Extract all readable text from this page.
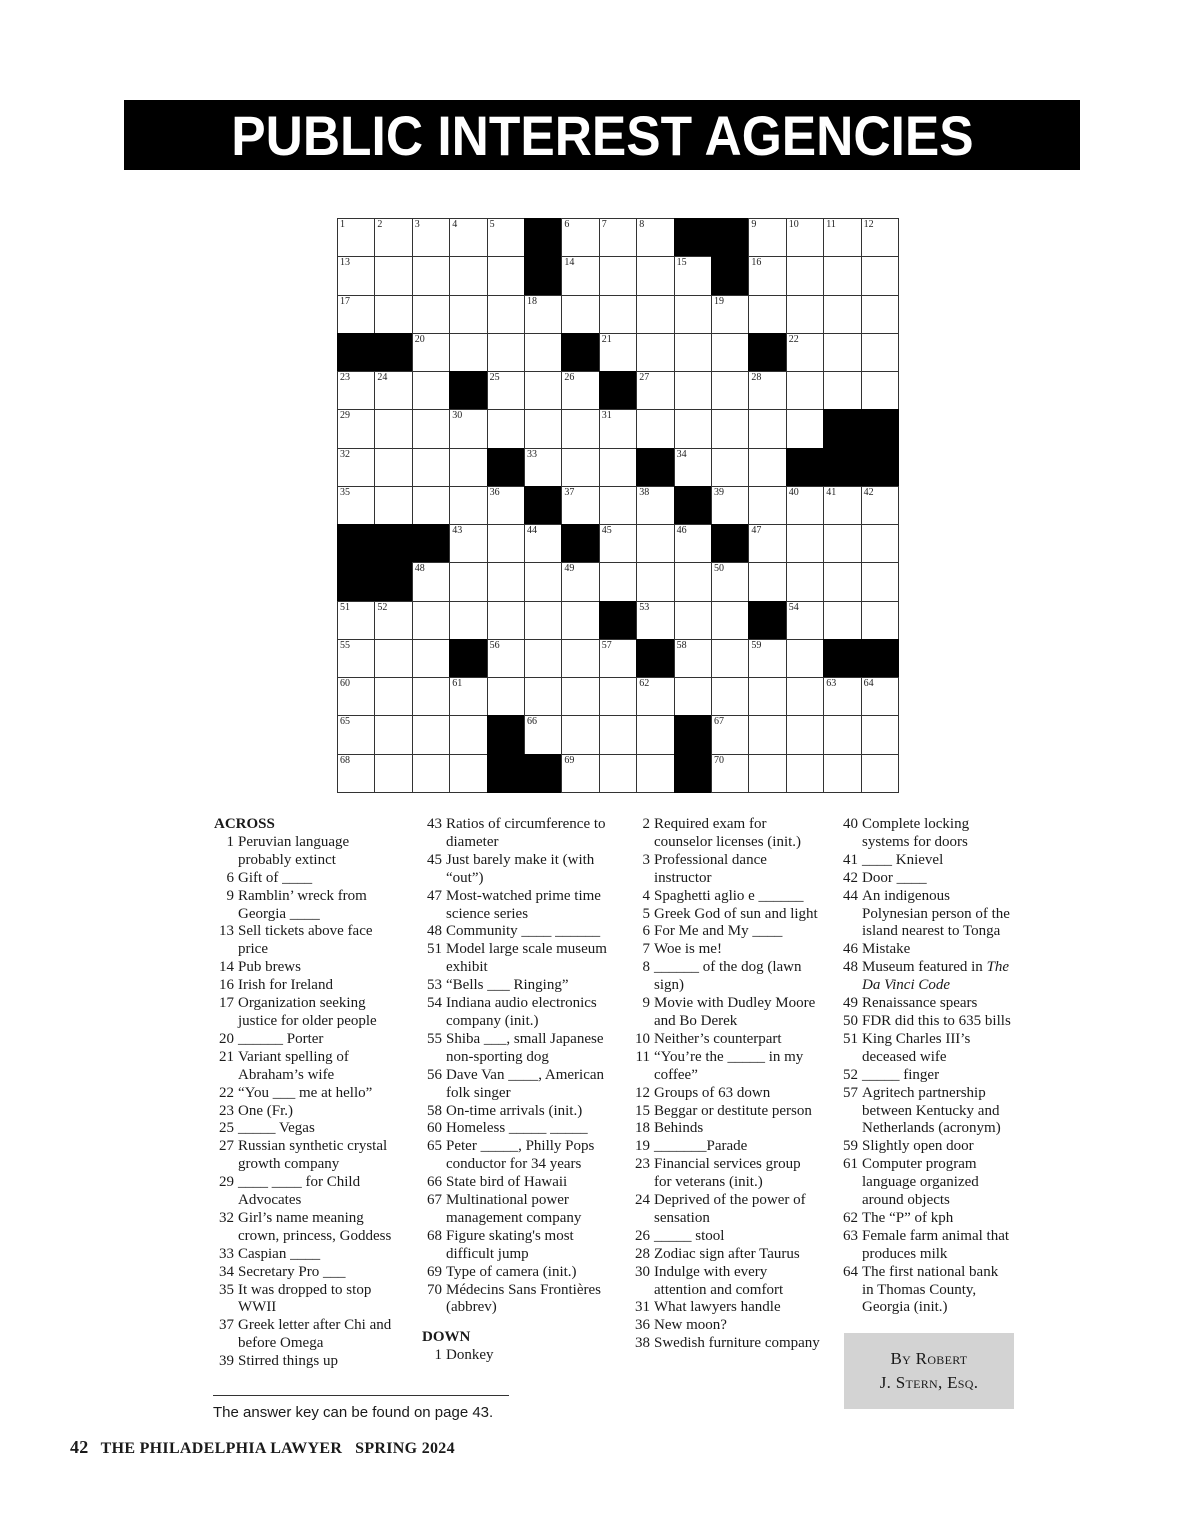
PUBLIC INTEREST AGENCIES
1	2	3	4	5	6	7	8	9	10	11	12
13	14	15	16
17	18	19
20	21	22
23	24	25	26	27	28
29	30	31
32	33	34
35	36	37	38	39	40	41	42
43	44	45	46	47
48	49	50
51	52	53	54
55	56	57	58	59
60	61	62	63	64
65	66	67
68	69	70
ACROSS
1 Peruvian language probably extinct
6 Gift of ____
9 Ramblin’ wreck from Georgia ____
13 Sell tickets above face price
14 Pub brews
16 Irish for Ireland
17 Organization seeking justice for older people
20 ______ Porter
21 Variant spelling of Abraham’s wife
22 “You ___ me at hello”
23 One (Fr.)
25 _____ Vegas
27 Russian synthetic crystal growth company
29 ____ ____ for Child Advocates
32 Girl’s name meaning crown, princess, Goddess
33 Caspian ____
34 Secretary Pro ___
35 It was dropped to stop WWII
37 Greek letter after Chi and before Omega
39 Stirred things up
43 Ratios of circumference to diameter
45 Just barely make it (with “out”)
47 Most-watched prime time science series
48 Community ____ ______
51 Model large scale museum exhibit
53 “Bells ___ Ringing”
54 Indiana audio electronics company (init.)
55 Shiba ___, small Japanese non-sporting dog
56 Dave Van ____, American folk singer
58 On-time arrivals (init.)
60 Homeless _____ _____
65 Peter _____, Philly Pops conductor for 34 years
66 State bird of Hawaii
67 Multinational power management company
68 Figure skating's most difficult jump
69 Type of camera (init.)
70 Médecins Sans Frontières (abbrev)
DOWN
1 Donkey
2 Required exam for counselor licenses (init.)
3 Professional dance instructor
4 Spaghetti aglio e ______
5 Greek God of sun and light
6 For Me and My ____
7 Woe is me!
8 ______ of the dog (lawn sign)
9 Movie with Dudley Moore and Bo Derek
10 Neither’s counterpart
11 “You’re the _____ in my coffee”
12 Groups of 63 down
15 Beggar or destitute person
18 Behinds
19 _______Parade
23 Financial services group for veterans (init.)
24 Deprived of the power of sensation
26 _____ stool
28 Zodiac sign after Taurus
30 Indulge with every attention and comfort
31 What lawyers handle
36 New moon?
38 Swedish furniture company
40 Complete locking systems for doors
41 ____ Knievel
42 Door ____
44 An indigenous Polynesian person of the island nearest to Tonga
46 Mistake
48 Museum featured in The Da Vinci Code
49 Renaissance spears
50 FDR did this to 635 bills
51 King Charles III’s deceased wife
52 _____ finger
57 Agritech partnership between Kentucky and Netherlands (acronym)
59 Slightly open door
61 Computer program language organized around objects
62 The “P” of kph
63 Female farm animal that produces milk
64 The first national bank in Thomas County, Georgia (init.)
By Robert
J. Stern, Esq.
The answer key can be found on page 43.
42 THE PHILADELPHIA LAWYER   SPRING 2024
